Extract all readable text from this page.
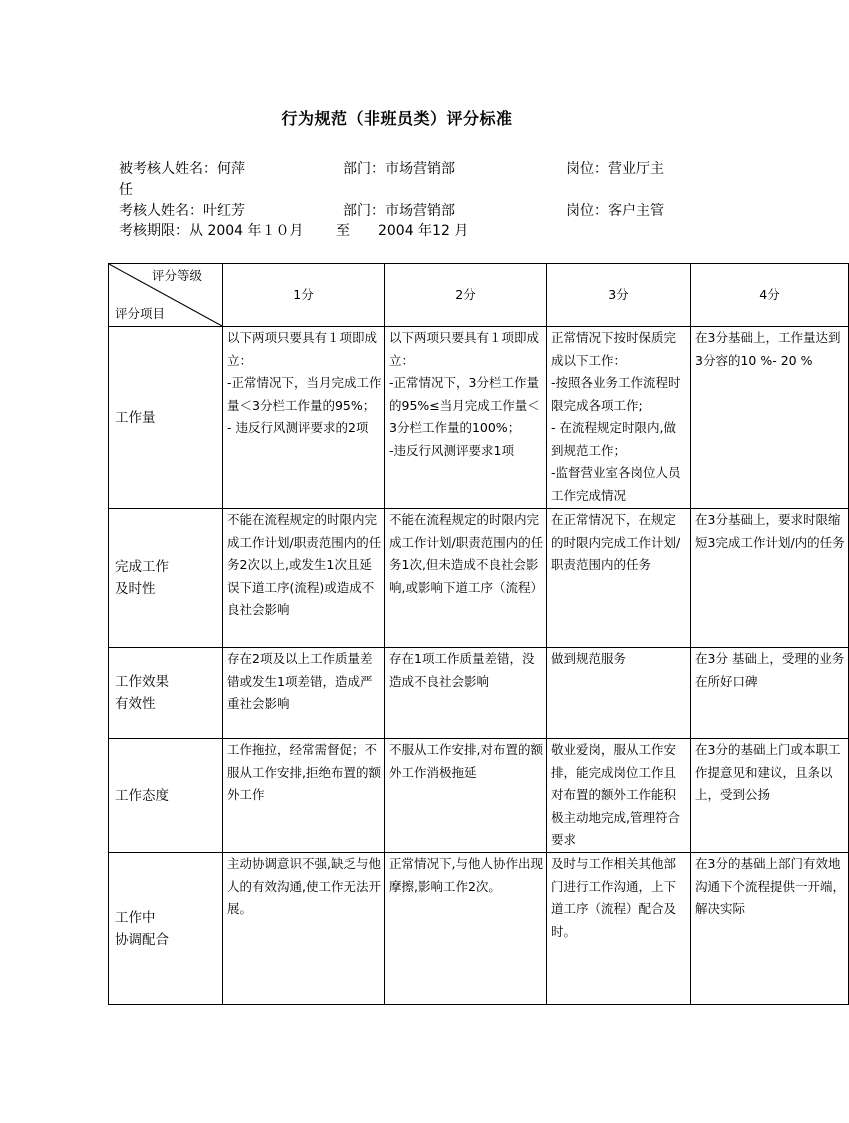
行为规范（非班员类）评分标准
被考核人姓名：何萍	部门：市场营销部	岗位：营业厅主
任
考核人姓名：叶红芳	部门：市场营销部	岗位：客户主管
考核期限：从 2004 年１０月　　 至　　2004 年12 月
评分等级
评分项目	1分	2分	3分	4分
工作量	以下两项只要具有１项即成立：
-正常情况下，当月完成工作量＜3分栏工作量的95%；
- 违反行风测评要求的2项	以下两项只要具有１项即成立：
-正常情况下，3分栏工作量的95%≤当月完成工作量＜3分栏工作量的100%；
-违反行风测评要求1项	正常情况下按时保质完成以下工作：
-按照各业务工作流程时限完成各项工作;
- 在流程规定时限内,做到规范工作；
-监督营业室各岗位人员工作完成情况	在3分基础上，工作量达到3分容的10 %- 20 %
完成工作
及时性	不能在流程规定的时限内完成工作计划/职责范围内的任务2次以上,或发生1次且延误下道工序(流程)或造成不良社会影响	不能在流程规定的时限内完成工作计划/职责范围内的任务1次,但未造成不良社会影响,或影响下道工序（流程）	在正常情况下，在规定的时限内完成工作计划/职责范围内的任务	在3分基础上，要求时限缩短3完成工作计划/内的任务
工作效果
有效性	存在2项及以上工作质量差错或发生1项差错，造成严重社会影响	存在1项工作质量差错，没造成不良社会影响	做到规范服务	在3分 基础上，受理的业务在所好口碑
工作态度	工作拖拉，经常需督促；不服从工作安排,拒绝布置的额外工作	不服从工作安排,对布置的额外工作消极拖延	敬业爱岗，服从工作安排，能完成岗位工作且对布置的额外工作能积极主动地完成,管理符合要求	在3分的基础上门或本职工作提意见和建议，且条以上，受到公扬
工作中
协调配合	主动协调意识不强,缺乏与他人的有效沟通,使工作无法开展。	正常情况下,与他人协作出现摩擦,影响工作2次。	及时与工作相关其他部门进行工作沟通，上下道工序（流程）配合及时。	在3分的基础上部门有效地沟通下个流程提供一开端，解决实际
